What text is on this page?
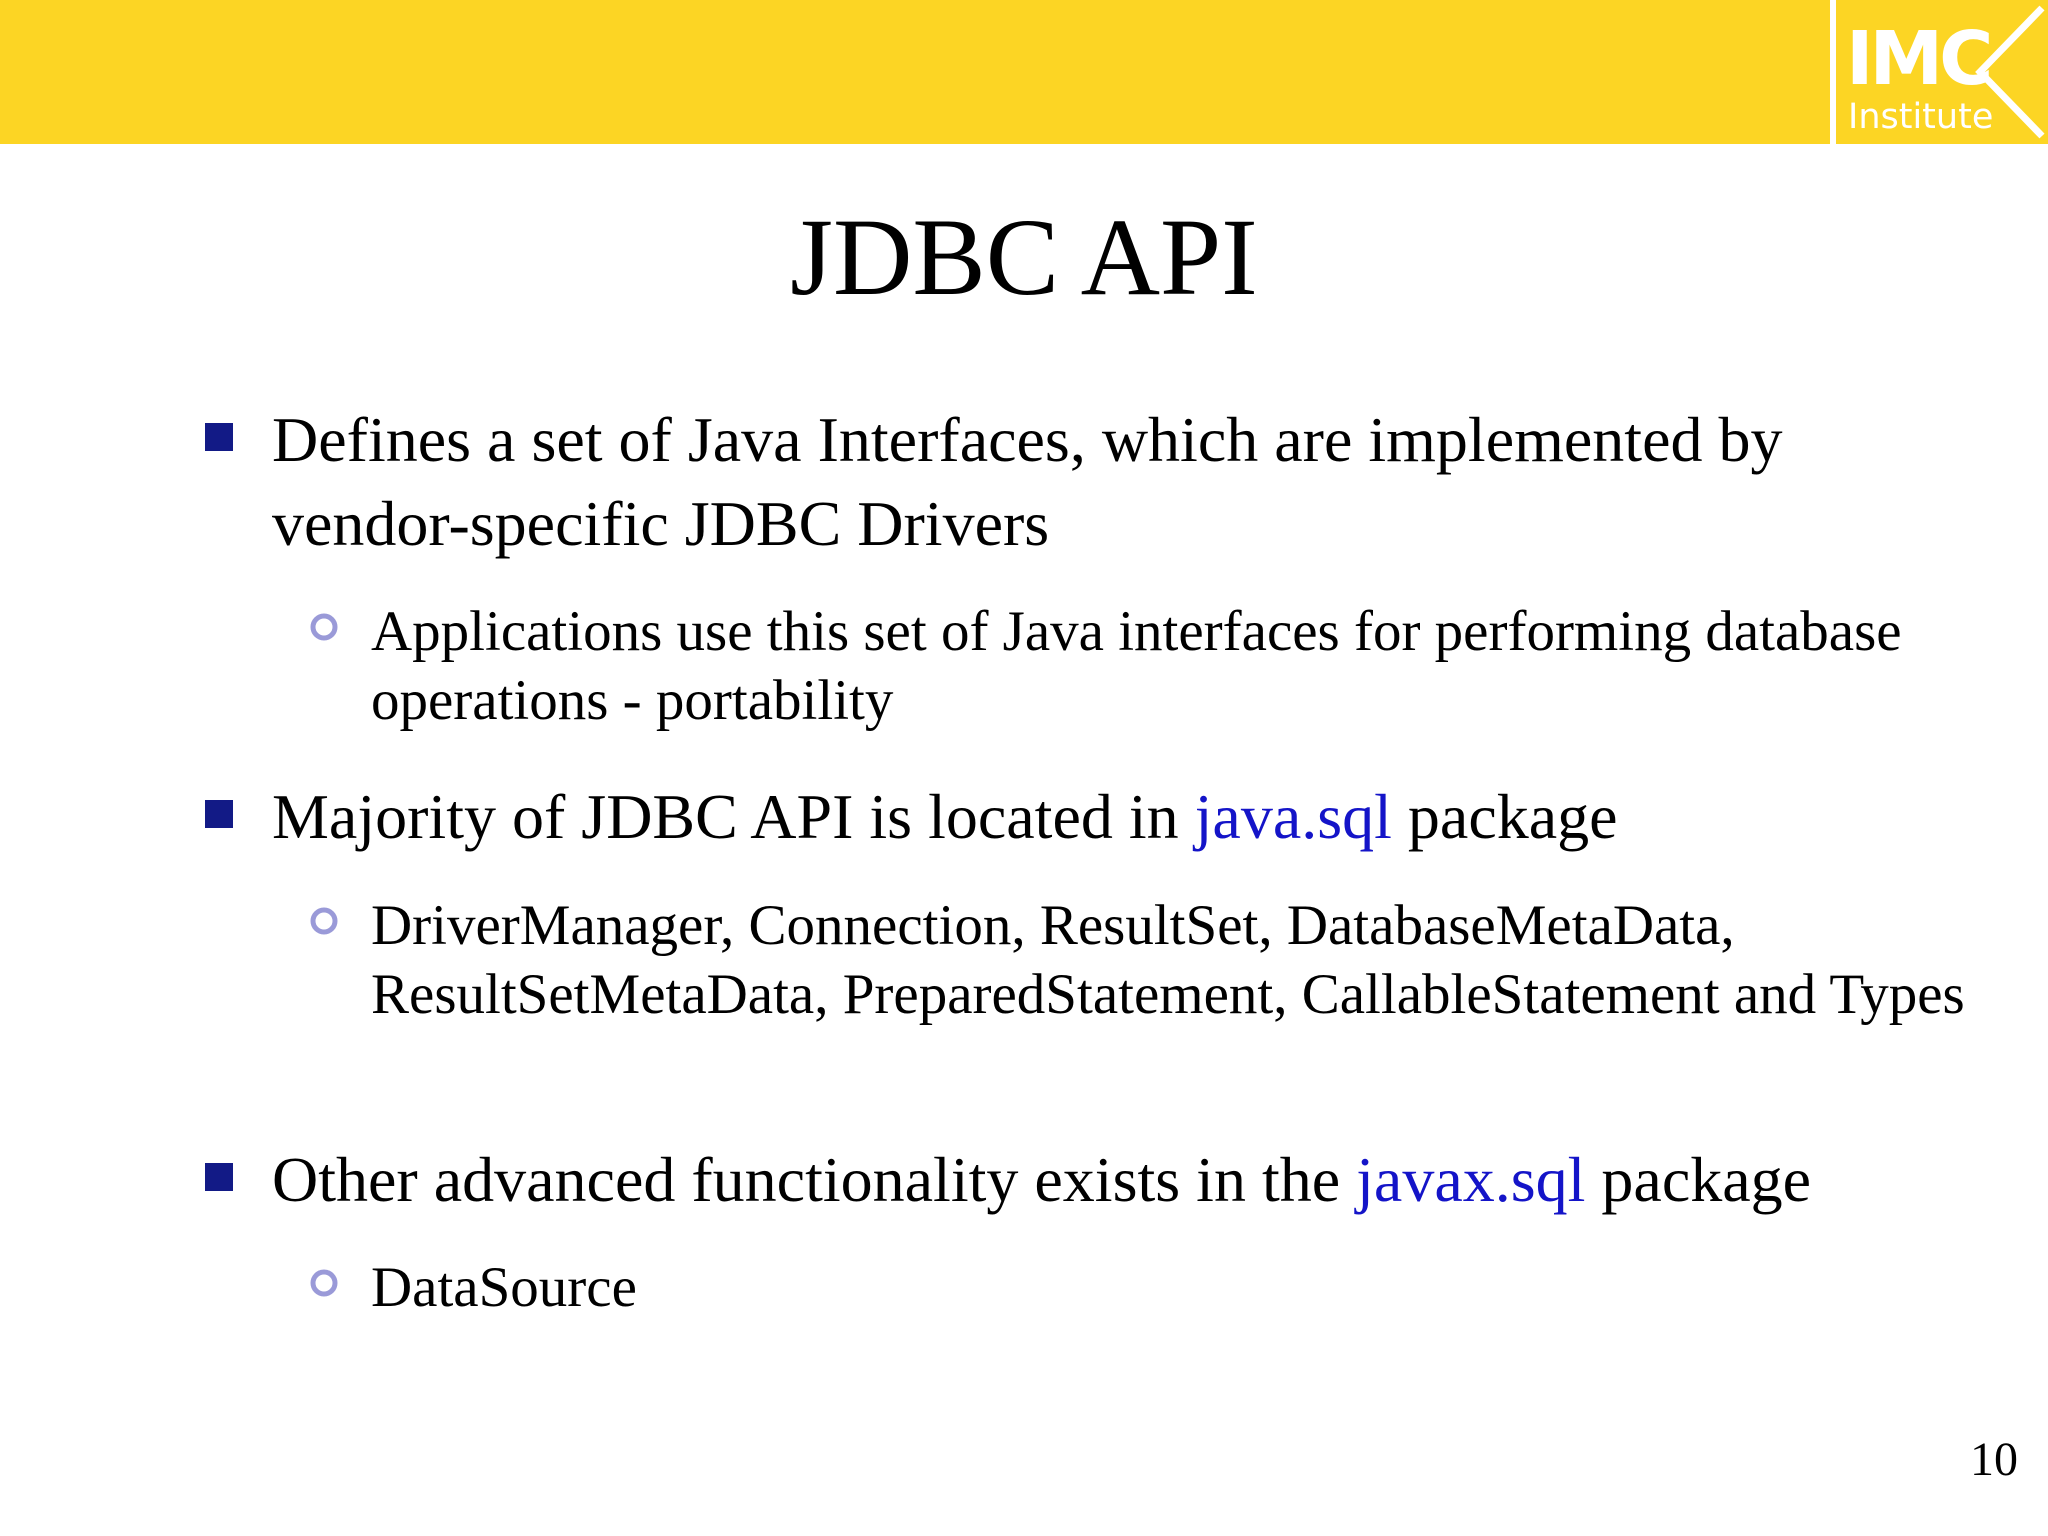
IMC
Institute
JDBC API
Defines a set of Java Interfaces, which are implemented by vendor-specific JDBC Drivers
Applications use this set of Java interfaces for performing database operations - portability
Majority of JDBC API is located in java.sql package
DriverManager, Connection, ResultSet, DatabaseMetaData, ResultSetMetaData, PreparedStatement, CallableStatement and Types
Other advanced functionality exists in the javax.sql package
DataSource
10
